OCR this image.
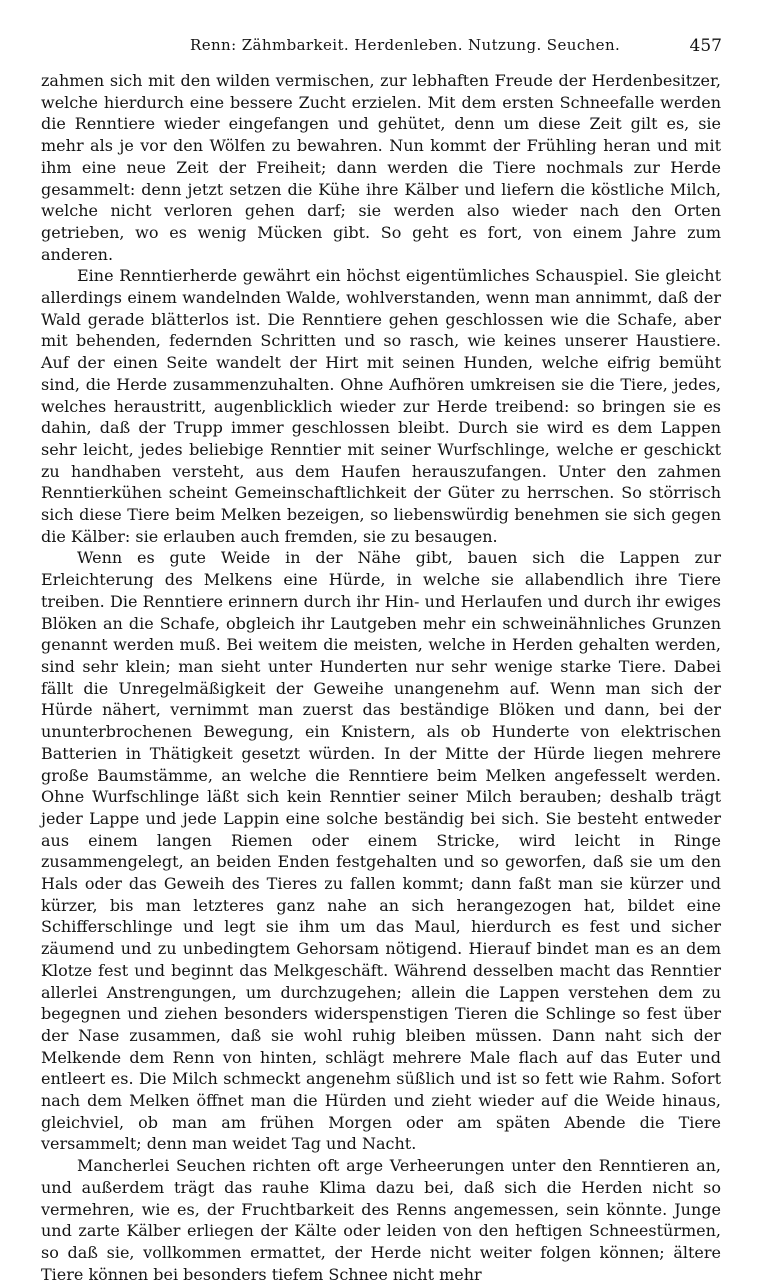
Renn: Zähmbarkeit. Herdenleben. Nutzung. Seuchen.	457

zahmen sich mit den wilden vermischen, zur lebhaften Freude der Herdenbesitzer, welche hierdurch eine bessere Zucht erzielen. Mit dem ersten Schneefalle werden die Renntiere wieder eingefangen und gehütet, denn um diese Zeit gilt es, sie mehr als je vor den Wölfen zu bewahren. Nun kommt der Frühling heran und mit ihm eine neue Zeit der Freiheit; dann werden die Tiere nochmals zur Herde gesammelt: denn jetzt setzen die Kühe ihre Kälber und liefern die köstliche Milch, welche nicht verloren gehen darf; sie werden also wieder nach den Orten getrieben, wo es wenig Mücken gibt. So geht es fort, von einem Jahre zum anderen.

Eine Renntierherde gewährt ein höchst eigentümliches Schauspiel. Sie gleicht allerdings einem wandelnden Walde, wohlverstanden, wenn man annimmt, daß der Wald gerade blätterlos ist. Die Renntiere gehen geschlossen wie die Schafe, aber mit behenden, federnden Schritten und so rasch, wie keines unserer Haustiere. Auf der einen Seite wandelt der Hirt mit seinen Hunden, welche eifrig bemüht sind, die Herde zusammenzuhalten. Ohne Aufhören umkreisen sie die Tiere, jedes, welches heraustritt, augenblicklich wieder zur Herde treibend: so bringen sie es dahin, daß der Trupp immer geschlossen bleibt. Durch sie wird es dem Lappen sehr leicht, jedes beliebige Renntier mit seiner Wurfschlinge, welche er geschickt zu handhaben versteht, aus dem Haufen herauszufangen. Unter den zahmen Renntierkühen scheint Gemeinschaftlichkeit der Güter zu herrschen. So störrisch sich diese Tiere beim Melken bezeigen, so liebenswürdig benehmen sie sich gegen die Kälber: sie erlauben auch fremden, sie zu besaugen.

Wenn es gute Weide in der Nähe gibt, bauen sich die Lappen zur Erleichterung des Melkens eine Hürde, in welche sie allabendlich ihre Tiere treiben. Die Renntiere erinnern durch ihr Hin- und Herlaufen und durch ihr ewiges Blöken an die Schafe, obgleich ihr Lautgeben mehr ein schweinähnliches Grunzen genannt werden muß. Bei weitem die meisten, welche in Herden gehalten werden, sind sehr klein; man sieht unter Hunderten nur sehr wenige starke Tiere. Dabei fällt die Unregelmäßigkeit der Geweihe unangenehm auf. Wenn man sich der Hürde nähert, vernimmt man zuerst das beständige Blöken und dann, bei der ununterbrochenen Bewegung, ein Knistern, als ob Hunderte von elektrischen Batterien in Thätigkeit gesetzt würden. In der Mitte der Hürde liegen mehrere große Baumstämme, an welche die Renntiere beim Melken angefesselt werden. Ohne Wurfschlinge läßt sich kein Renntier seiner Milch berauben; deshalb trägt jeder Lappe und jede Lappin eine solche beständig bei sich. Sie besteht entweder aus einem langen Riemen oder einem Stricke, wird leicht in Ringe zusammengelegt, an beiden Enden festgehalten und so geworfen, daß sie um den Hals oder das Geweih des Tieres zu fallen kommt; dann faßt man sie kürzer und kürzer, bis man letzteres ganz nahe an sich herangezogen hat, bildet eine Schifferschlinge und legt sie ihm um das Maul, hierdurch es fest und sicher zäumend und zu unbedingtem Gehorsam nötigend. Hierauf bindet man es an dem Klotze fest und beginnt das Melkgeschäft. Während desselben macht das Renntier allerlei Anstrengungen, um durchzugehen; allein die Lappen verstehen dem zu begegnen und ziehen besonders widerspenstigen Tieren die Schlinge so fest über der Nase zusammen, daß sie wohl ruhig bleiben müssen. Dann naht sich der Melkende dem Renn von hinten, schlägt mehrere Male flach auf das Euter und entleert es. Die Milch schmeckt angenehm süßlich und ist so fett wie Rahm. Sofort nach dem Melken öffnet man die Hürden und zieht wieder auf die Weide hinaus, gleichviel, ob man am frühen Morgen oder am späten Abende die Tiere versammelt; denn man weidet Tag und Nacht.

Mancherlei Seuchen richten oft arge Verheerungen unter den Renntieren an, und außerdem trägt das rauhe Klima dazu bei, daß sich die Herden nicht so vermehren, wie es, der Fruchtbarkeit des Renns angemessen, sein könnte. Junge und zarte Kälber erliegen der Kälte oder leiden von den heftigen Schneestürmen, so daß sie, vollkommen ermattet, der Herde nicht weiter folgen können; ältere Tiere können bei besonders tiefem Schnee nicht mehr
